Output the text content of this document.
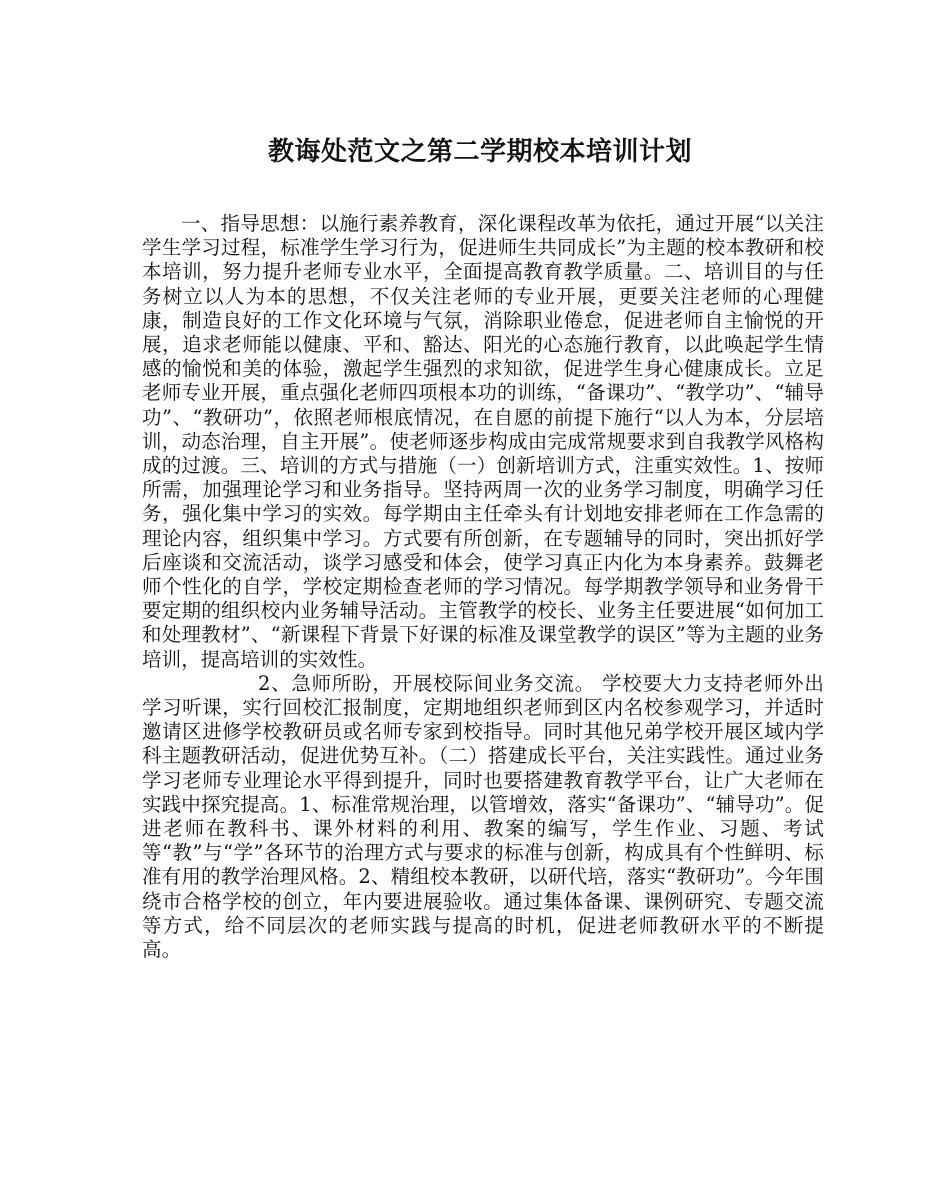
教诲处范文之第二学期校本培训计划

一、指导思想：以施行素养教育，深化课程改革为依托，通过开展“以关注学生学习过程，标准学生学习行为，促进师生共同成长”为主题的校本教研和校本培训，努力提升老师专业水平，全面提高教育教学质量。二、培训目的与任务树立以人为本的思想，不仅关注老师的专业开展，更要关注老师的心理健康，制造良好的工作文化环境与气氛，消除职业倦怠，促进老师自主愉悦的开展，追求老师能以健康、平和、豁达、阳光的心态施行教育，以此唤起学生情感的愉悦和美的体验，激起学生强烈的求知欲，促进学生身心健康成长。立足老师专业开展，重点强化老师四项根本功的训练，“备课功”、“教学功”、“辅导功”、“教研功”，依照老师根底情况，在自愿的前提下施行“以人为本，分层培训，动态治理，自主开展”。使老师逐步构成由完成常规要求到自我教学风格构成的过渡。三、培训的方式与措施（一）创新培训方式，注重实效性。1、按师所需，加强理论学习和业务指导。坚持两周一次的业务学习制度，明确学习任务，强化集中学习的实效。每学期由主任牵头有计划地安排老师在工作急需的理论内容，组织集中学习。方式要有所创新，在专题辅导的同时，突出抓好学后座谈和交流活动，谈学习感受和体会，使学习真正内化为本身素养。鼓舞老师个性化的自学，学校定期检查老师的学习情况。每学期教学领导和业务骨干要定期的组织校内业务辅导活动。主管教学的校长、业务主任要进展“如何加工和处理教材”、“新课程下背景下好课的标准及课堂教学的误区”等为主题的业务培训，提高培训的实效性。

2、急师所盼，开展校际间业务交流。 学校要大力支持老师外出学习听课，实行回校汇报制度，定期地组织老师到区内名校参观学习，并适时邀请区进修学校教研员或名师专家到校指导。同时其他兄弟学校开展区域内学科主题教研活动，促进优势互补。（二）搭建成长平台，关注实践性。通过业务学习老师专业理论水平得到提升，同时也要搭建教育教学平台，让广大老师在实践中探究提高。1、标准常规治理，以管增效，落实“备课功”、“辅导功”。促进老师在教科书、课外材料的利用、教案的编写，学生作业、习题、考试等“教”与“学”各环节的治理方式与要求的标准与创新，构成具有个性鲜明、标准有用的教学治理风格。2、精组校本教研，以研代培，落实“教研功”。今年围绕市合格学校的创立，年内要进展验收。通过集体备课、课例研究、专题交流等方式，给不同层次的老师实践与提高的时机，促进老师教研水平的不断提高。
